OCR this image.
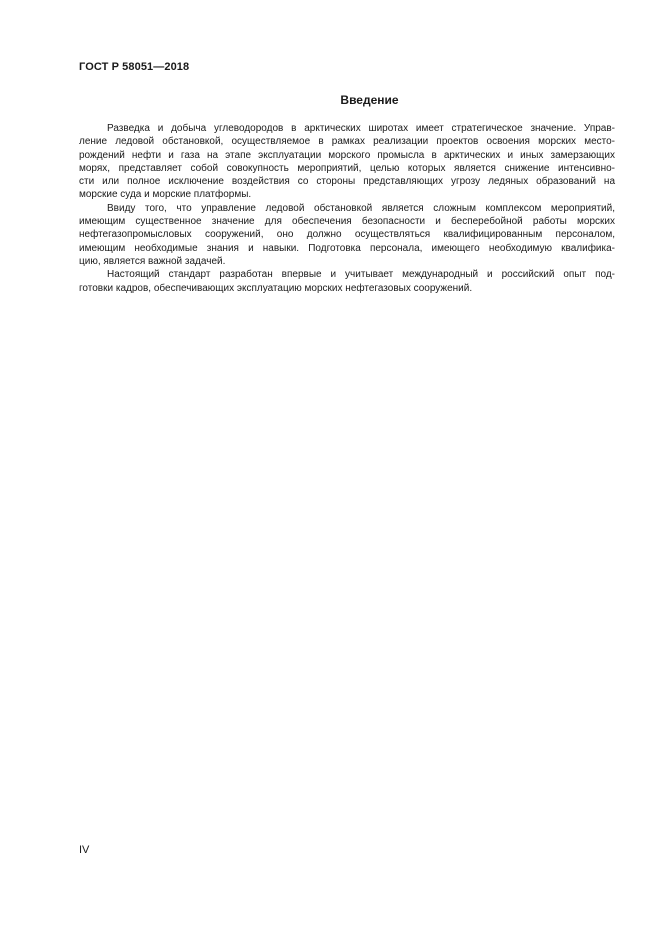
ГОСТ Р 58051—2018
Введение

Разведка и добыча углеводородов в арктических широтах имеет стратегическое значение. Управ-
ление ледовой обстановкой, осуществляемое в рамках реализации проектов освоения морских место-
рождений нефти и газа на этапе эксплуатации морского промысла в арктических и иных замерзающих
морях, представляет собой совокупность мероприятий, целью которых является снижение интенсивно-
сти или полное исключение воздействия со стороны представляющих угрозу ледяных образований на
морские суда и морские платформы.

Ввиду того, что управление ледовой обстановкой является сложным комплексом мероприятий,
имеющим существенное значение для обеспечения безопасности и бесперебойной работы морских
нефтегазопромысловых сооружений, оно должно осуществляться квалифицированным персоналом,
имеющим необходимые знания и навыки. Подготовка персонала, имеющего необходимую квалифика-
цию, является важной задачей.

Настоящий стандарт разработан впервые и учитывает международный и российский опыт под-
готовки кадров, обеспечивающих эксплуатацию морских нефтегазовых сооружений.

IV
